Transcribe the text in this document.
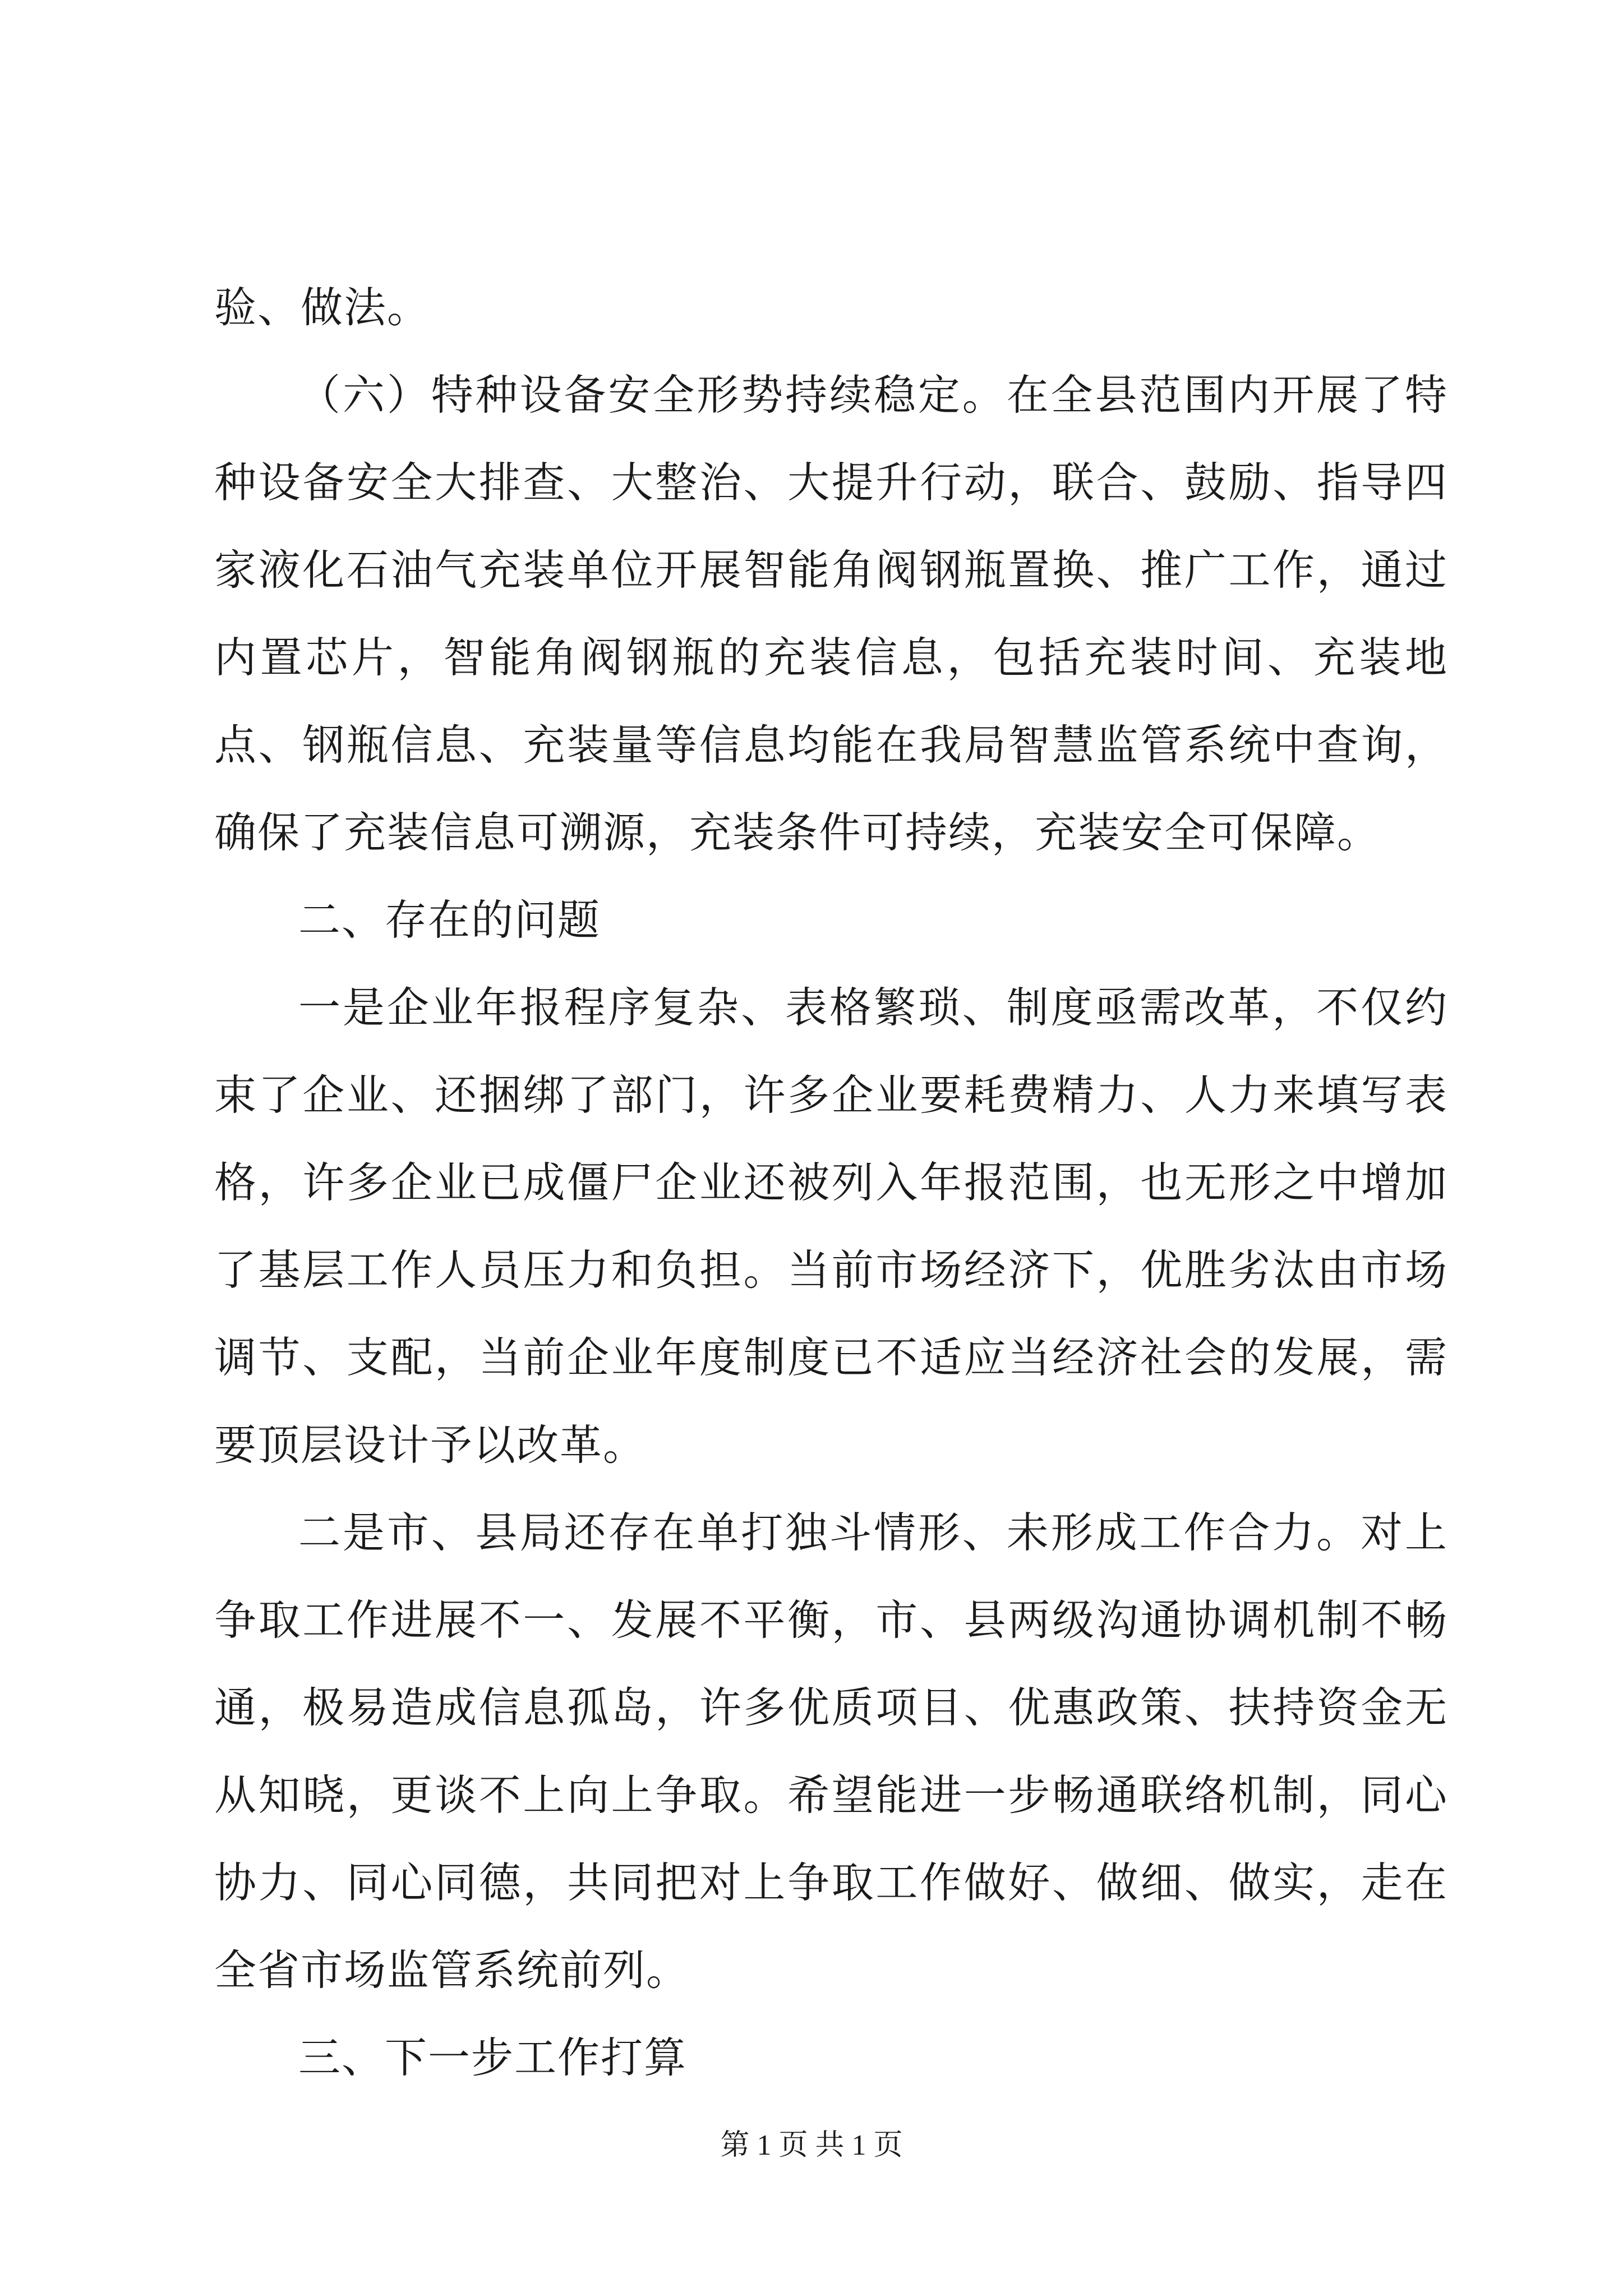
验、做法。

（六）特种设备安全形势持续稳定。在全县范围内开展了特种设备安全大排查、大整治、大提升行动，联合、鼓励、指导四家液化石油气充装单位开展智能角阀钢瓶置换、推广工作，通过内置芯片，智能角阀钢瓶的充装信息，包括充装时间、充装地点、钢瓶信息、充装量等信息均能在我局智慧监管系统中查询，确保了充装信息可溯源，充装条件可持续，充装安全可保障。

二、存在的问题

一是企业年报程序复杂、表格繁琐、制度亟需改革，不仅约束了企业、还捆绑了部门，许多企业要耗费精力、人力来填写表格，许多企业已成僵尸企业还被列入年报范围，也无形之中增加了基层工作人员压力和负担。当前市场经济下，优胜劣汰由市场调节、支配，当前企业年度制度已不适应当经济社会的发展，需要顶层设计予以改革。

二是市、县局还存在单打独斗情形、未形成工作合力。对上争取工作进展不一、发展不平衡，市、县两级沟通协调机制不畅通，极易造成信息孤岛，许多优质项目、优惠政策、扶持资金无从知晓，更谈不上向上争取。希望能进一步畅通联络机制，同心协力、同心同德，共同把对上争取工作做好、做细、做实，走在全省市场监管系统前列。

三、下一步工作打算

第 1 页 共 1 页
